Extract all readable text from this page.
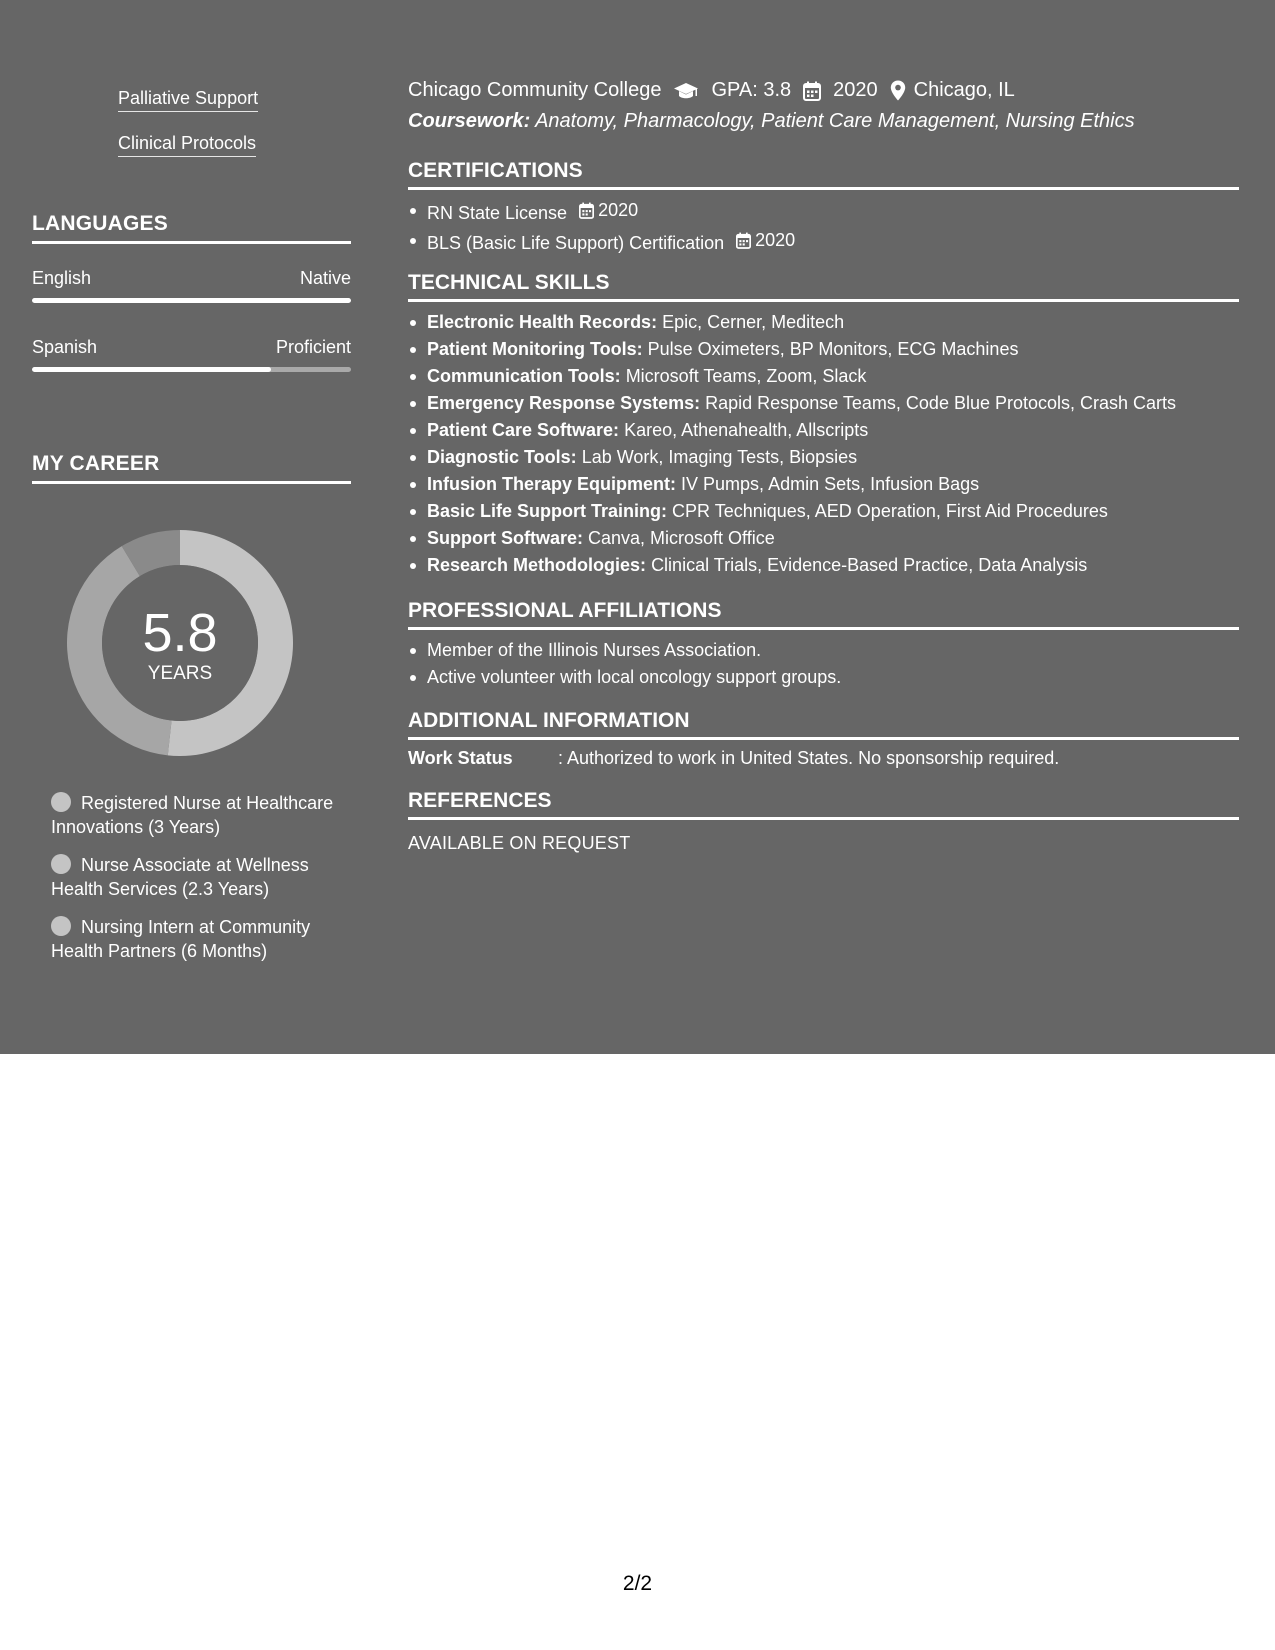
Palliative Support
Clinical Protocols
LANGUAGES
English	Native
Spanish	Proficient
MY CAREER
5.8
YEARS
Registered Nurse at Healthcare Innovations (3 Years)
Nurse Associate at Wellness Health Services (2.3 Years)
Nursing Intern at Community Health Partners (6 Months)
Chicago Community College	GPA: 3.8 2020 Chicago, IL
Coursework: Anatomy, Pharmacology, Patient Care Management, Nursing Ethics
CERTIFICATIONS
RN State License 2020
BLS (Basic Life Support) Certification 2020
TECHNICAL SKILLS
Electronic Health Records: Epic, Cerner, Meditech
Patient Monitoring Tools: Pulse Oximeters, BP Monitors, ECG Machines
Communication Tools: Microsoft Teams, Zoom, Slack
Emergency Response Systems: Rapid Response Teams, Code Blue Protocols, Crash Carts
Patient Care Software: Kareo, Athenahealth, Allscripts
Diagnostic Tools: Lab Work, Imaging Tests, Biopsies
Infusion Therapy Equipment: IV Pumps, Admin Sets, Infusion Bags
Basic Life Support Training: CPR Techniques, AED Operation, First Aid Procedures
Support Software: Canva, Microsoft Office
Research Methodologies: Clinical Trials, Evidence-Based Practice, Data Analysis
PROFESSIONAL AFFILIATIONS
Member of the Illinois Nurses Association.
Active volunteer with local oncology support groups.
ADDITIONAL INFORMATION
Work Status	: Authorized to work in United States. No sponsorship required.
REFERENCES
AVAILABLE ON REQUEST
2/2
